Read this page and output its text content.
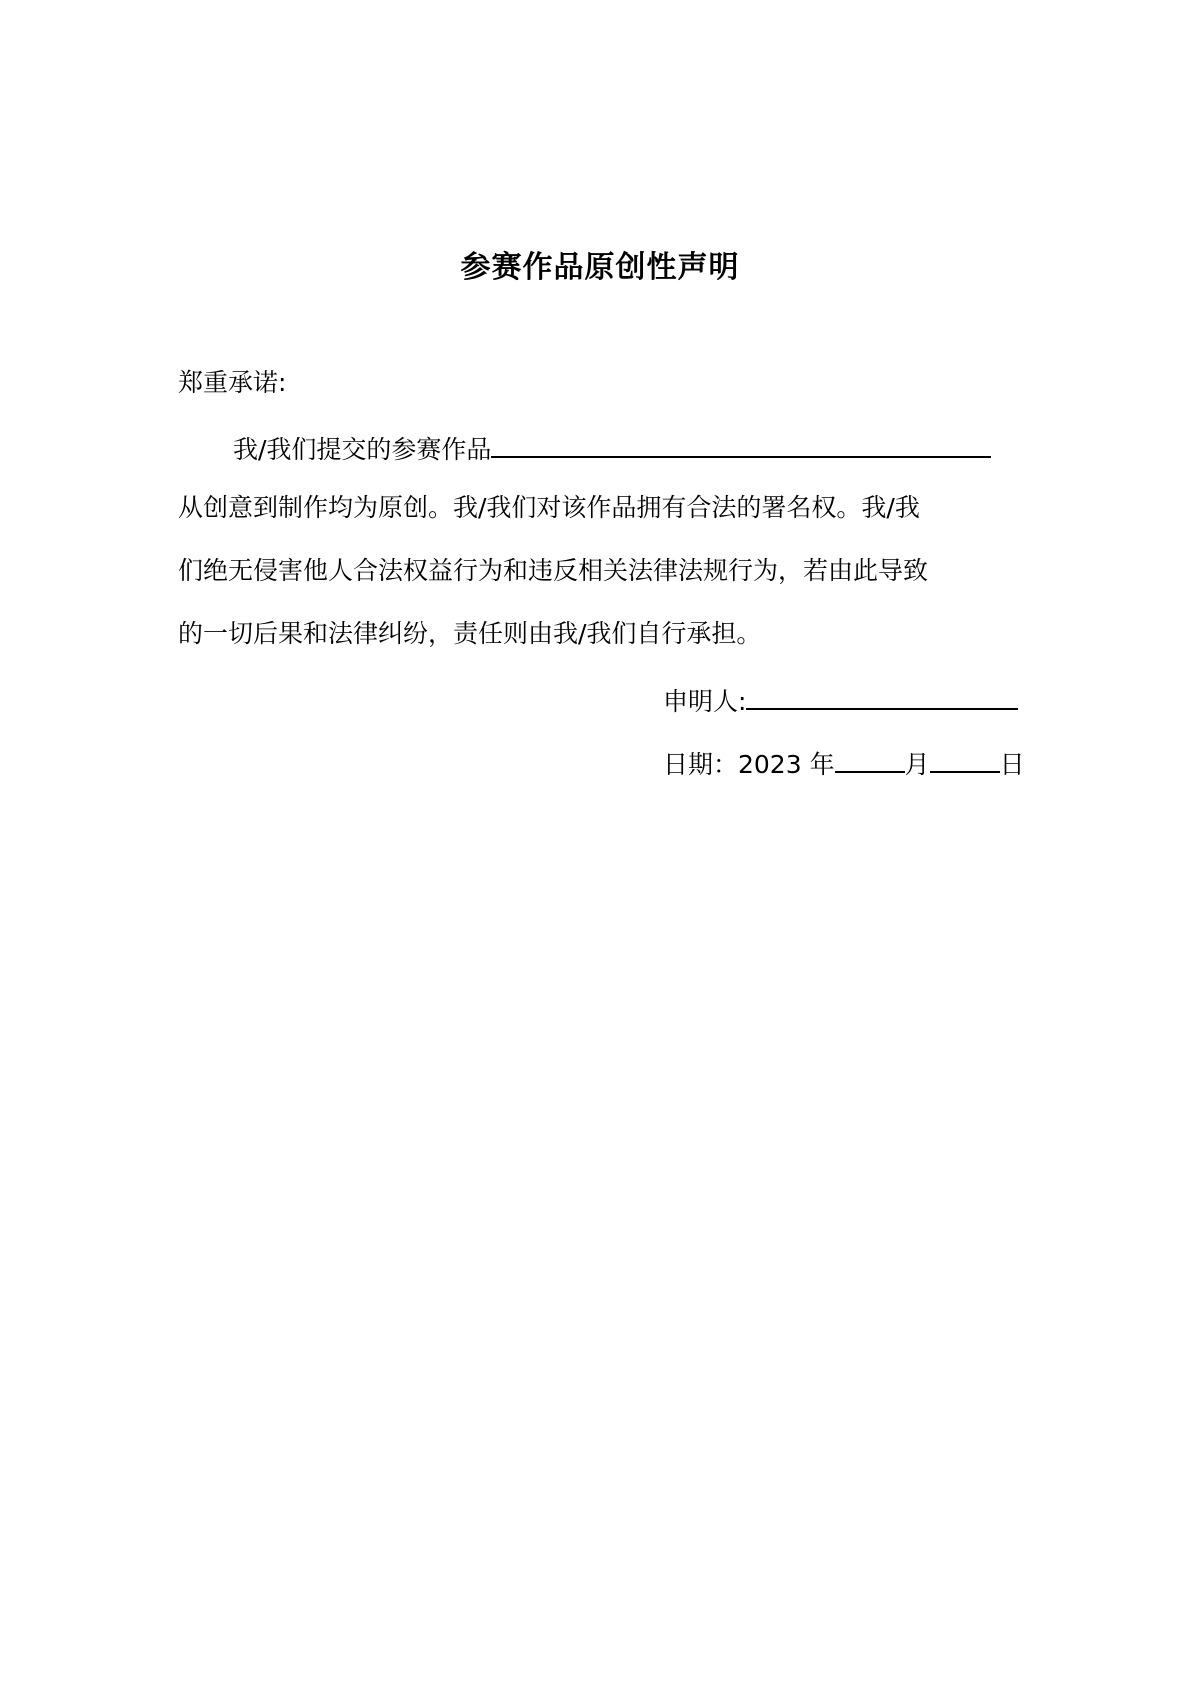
参赛作品原创性声明
郑重承诺:
我/我们提交的参赛作品
从创意到制作均为原创。我/我们对该作品拥有合法的署名权。我/我
们绝无侵害他人合法权益行为和违反相关法律法规行为，若由此导致
的一切后果和法律纠纷，责任则由我/我们自行承担。
申明人:
日期：2023 年	月	日
